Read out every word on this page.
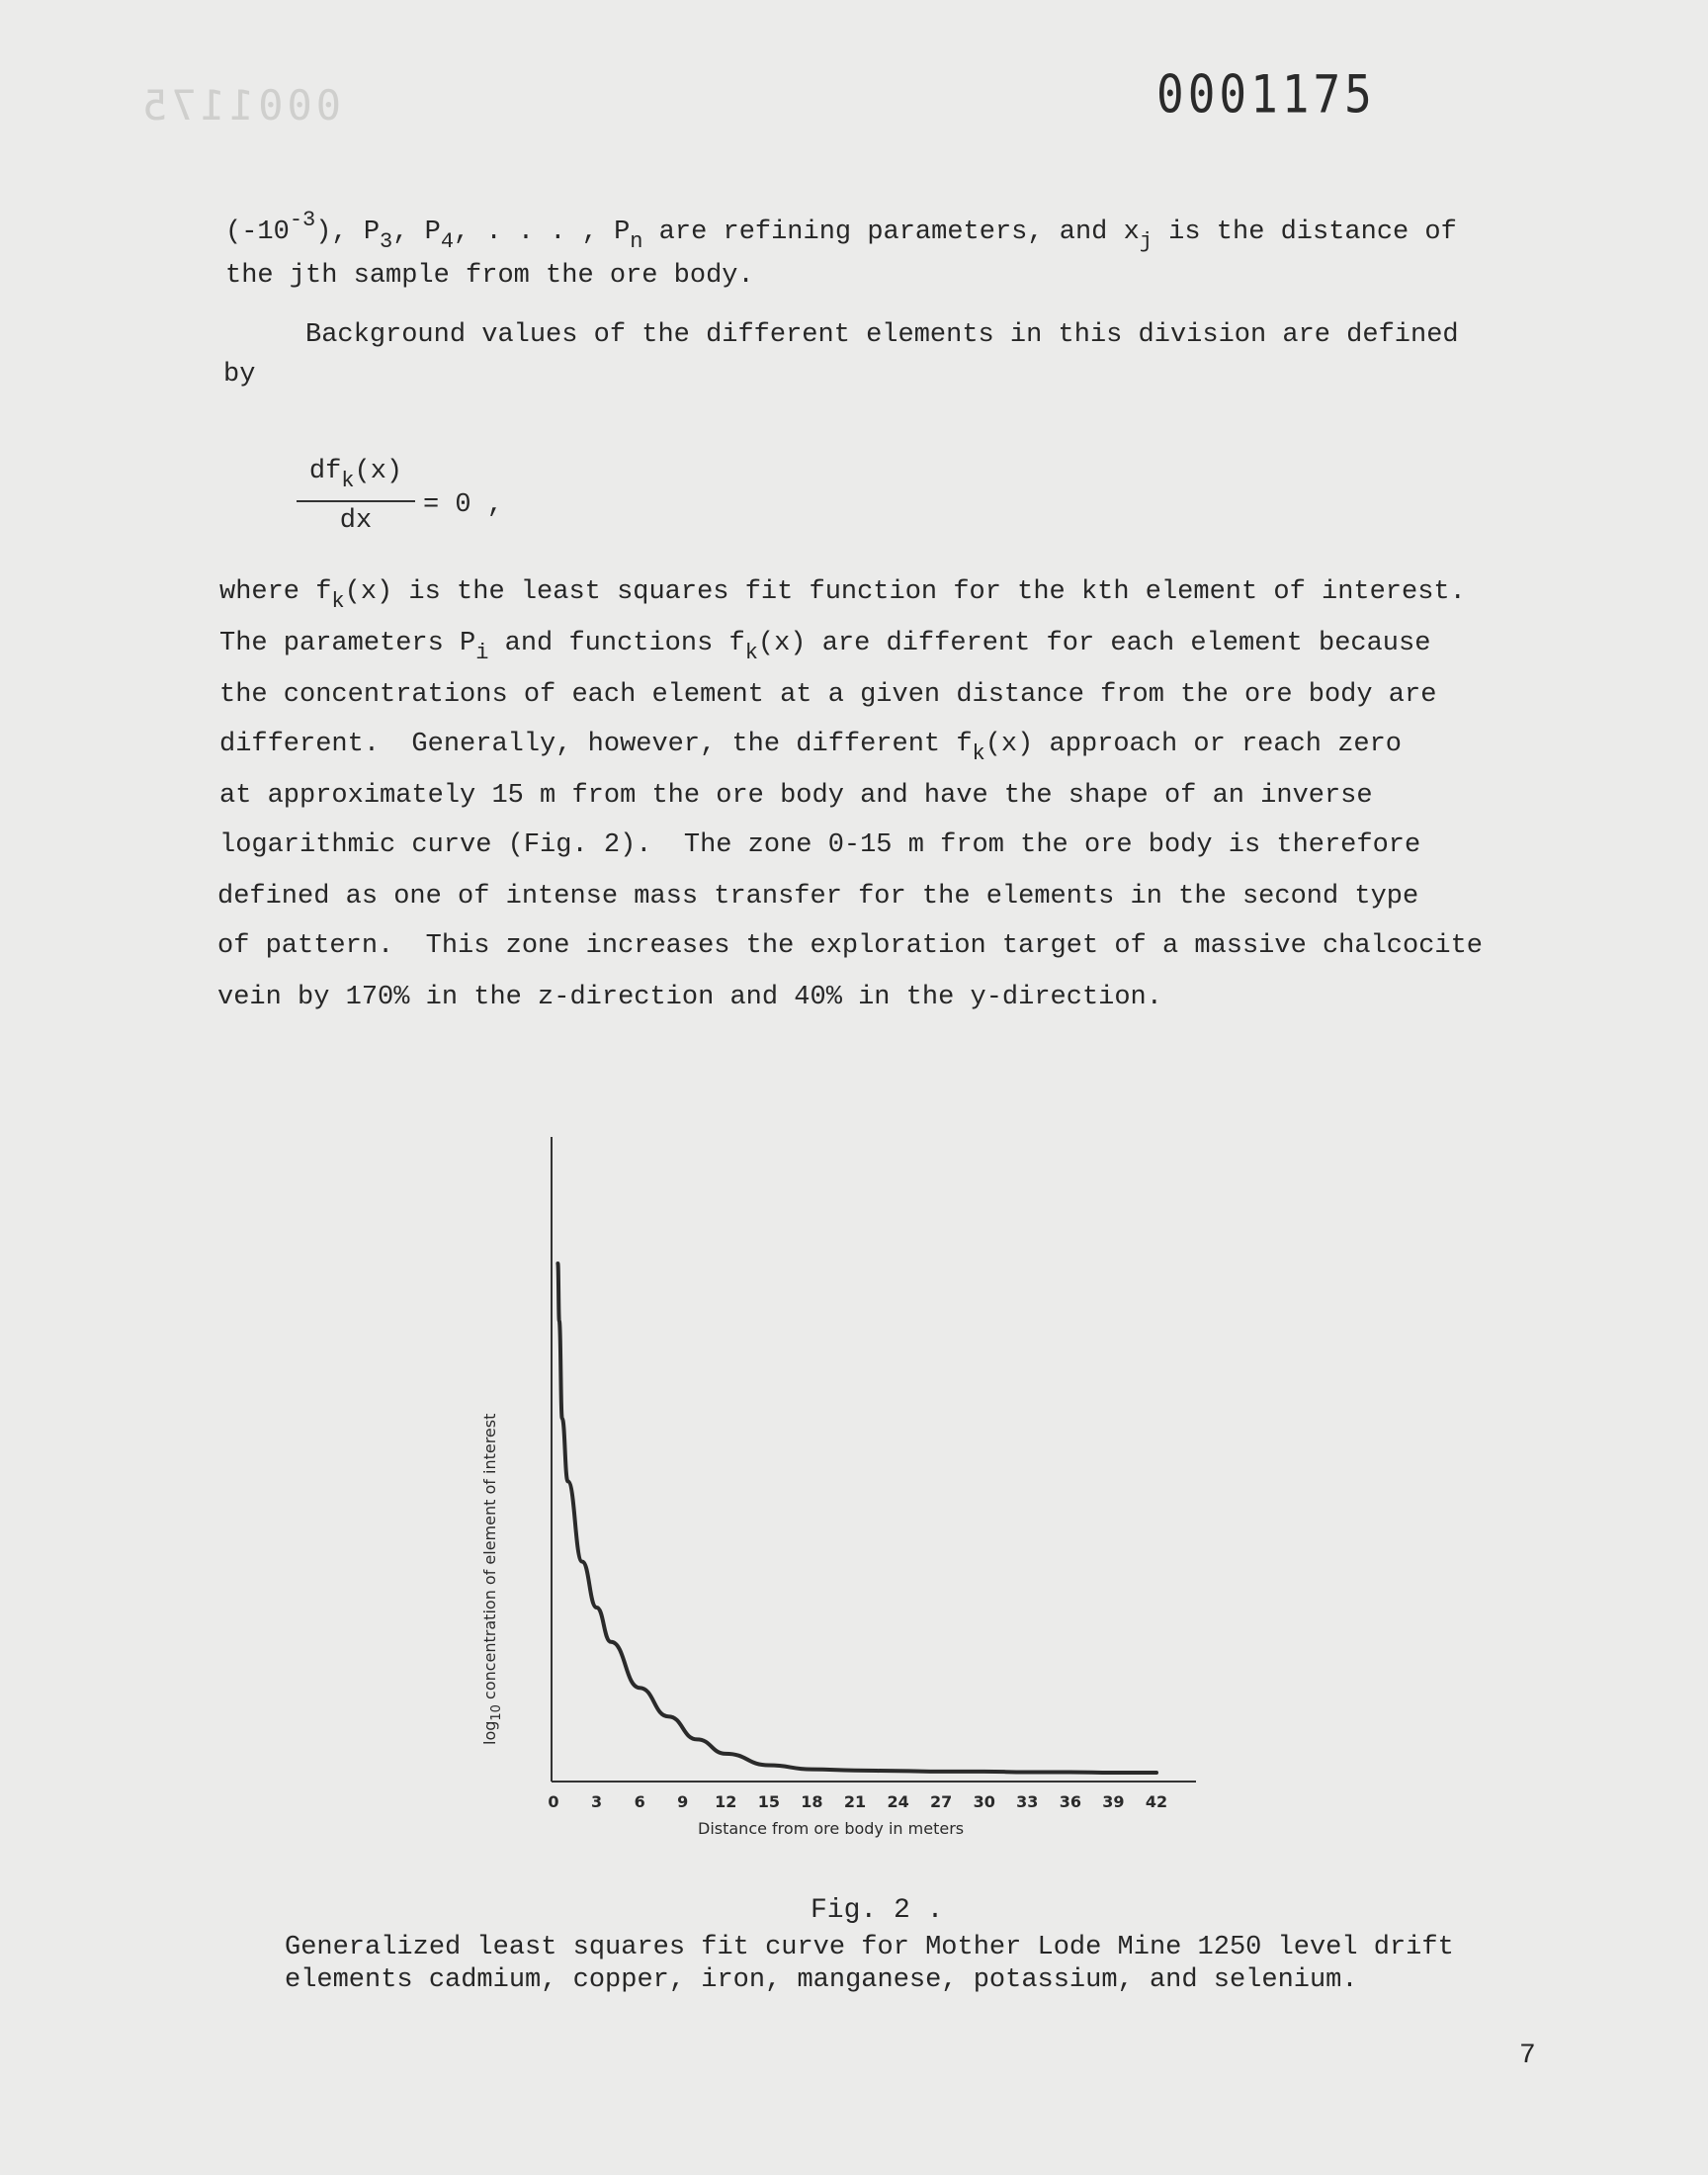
0001175	0001175
$(-10^{-3})$, $P_3$, $P_4$, . . . , $P_n$ are refining parameters, and $x_j$ is the distance of
the jth sample from the ore body.
Background values of the different elements in this division are defined
by
$df_k(x)$
dx
= 0 ,
where $f_k(x)$ is the least squares fit function for the kth element of interest.
The parameters $P_i$ and functions $f_k(x)$ are different for each element because
the concentrations of each element at a given distance from the ore body are
different.  Generally, however, the different $f_k(x)$ approach or reach zero
at approximately 15 m from the ore body and have the shape of an inverse
logarithmic curve (Fig. 2).  The zone 0-15 m from the ore body is therefore
defined as one of intense mass transfer for the elements in the second type
of pattern.  This zone increases the exploration target of a massive chalcocite
vein by 170% in the z-direction and 40% in the y-direction.
0 3 6 9 12 15 18 21 24 27 30 33 36 39 42
$\log_{10}$ concentration of element of interest
Distance from ore body in meters
Fig. 2 .
Generalized least squares fit curve for Mother Lode Mine 1250 level drift
elements cadmium, copper, iron, manganese, potassium, and selenium.
7
